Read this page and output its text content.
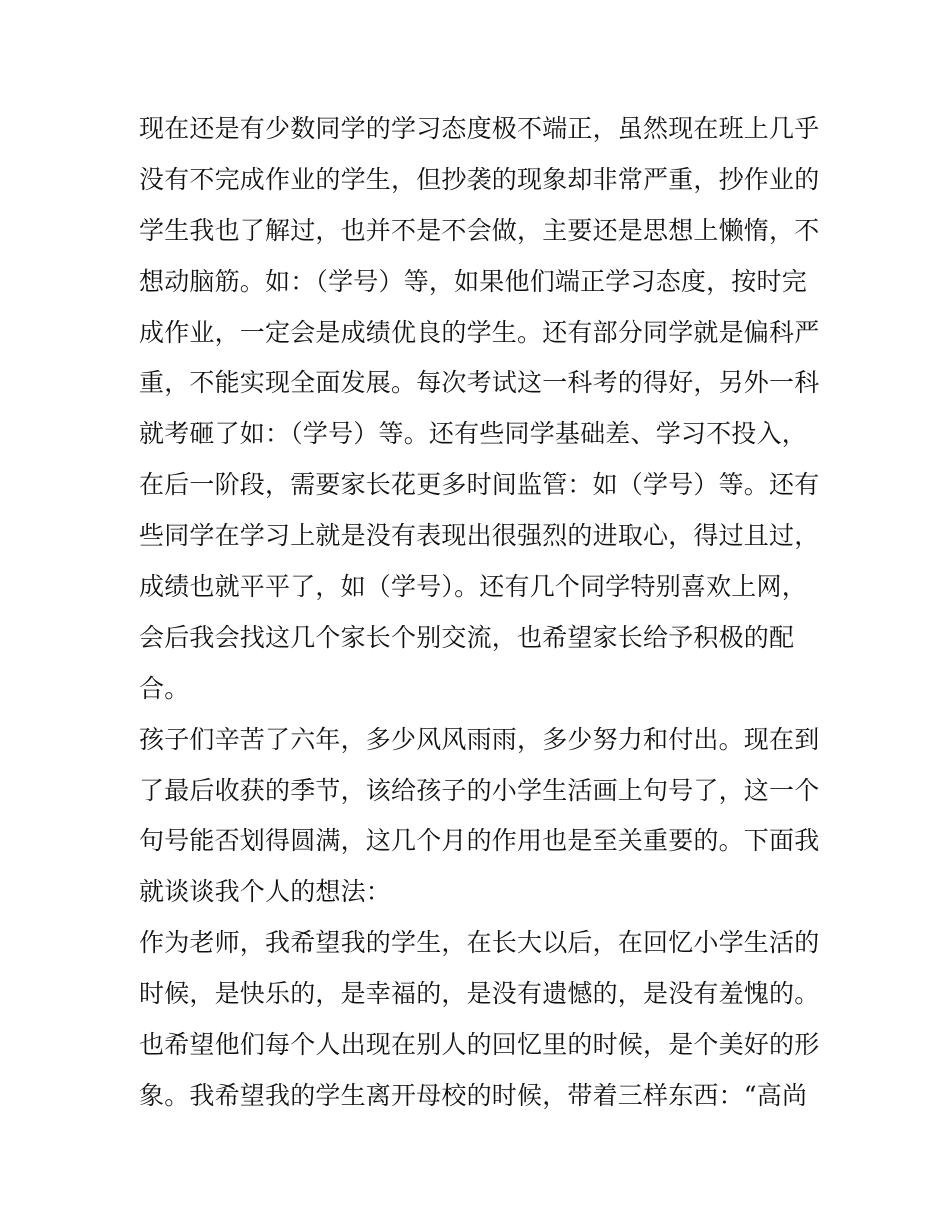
现在还是有少数同学的学习态度极不端正，虽然现在班上几乎
没有不完成作业的学生，但抄袭的现象却非常严重，抄作业的
学生我也了解过，也并不是不会做，主要还是思想上懒惰，不
想动脑筋。如：（学号）等，如果他们端正学习态度，按时完
成作业，一定会是成绩优良的学生。还有部分同学就是偏科严
重，不能实现全面发展。每次考试这一科考的得好，另外一科
就考砸了如：（学号）等。还有些同学基础差、学习不投入，
在后一阶段，需要家长花更多时间监管：如（学号）等。还有
些同学在学习上就是没有表现出很强烈的进取心，得过且过，
成绩也就平平了，如（学号）。还有几个同学特别喜欢上网，
会后我会找这几个家长个别交流，也希望家长给予积极的配
合。
孩子们辛苦了六年，多少风风雨雨，多少努力和付出。现在到
了最后收获的季节，该给孩子的小学生活画上句号了，这一个
句号能否划得圆满，这几个月的作用也是至关重要的。下面我
就谈谈我个人的想法：
作为老师，我希望我的学生，在长大以后，在回忆小学生活的
时候，是快乐的，是幸福的，是没有遗憾的，是没有羞愧的。
也希望他们每个人出现在别人的回忆里的时候，是个美好的形
象。我希望我的学生离开母校的时候，带着三样东西：“高尚
